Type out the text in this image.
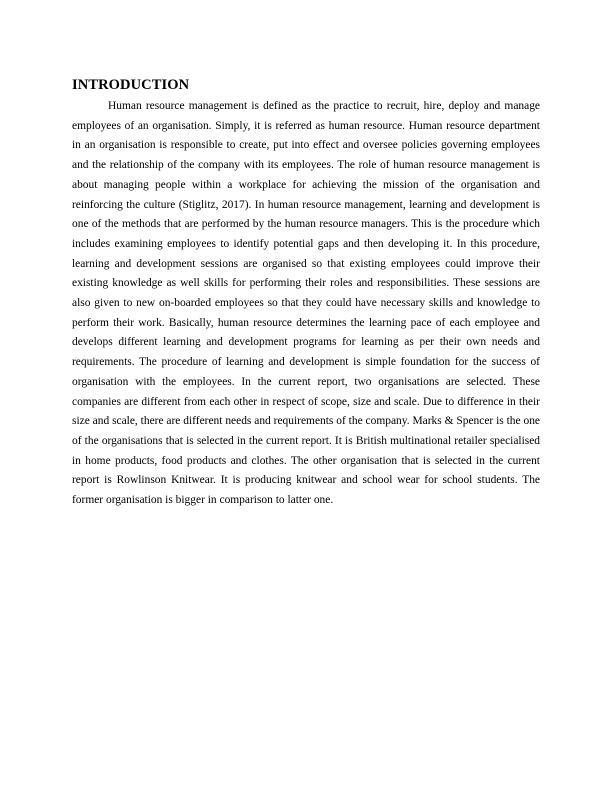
INTRODUCTION

Human resource management is defined as the practice to recruit, hire, deploy and manage employees of an organisation. Simply, it is referred as human resource. Human resource department in an organisation is responsible to create, put into effect and oversee policies governing employees and the relationship of the company with its employees. The role of human resource management is about managing people within a workplace for achieving the mission of the organisation and reinforcing the culture (Stiglitz, 2017). In human resource management, learning and development is one of the methods that are performed by the human resource managers. This is the procedure which includes examining employees to identify potential gaps and then developing it. In this procedure, learning and development sessions are organised so that existing employees could improve their existing knowledge as well skills for performing their roles and responsibilities. These sessions are also given to new on-boarded employees so that they could have necessary skills and knowledge to perform their work. Basically, human resource determines the learning pace of each employee and develops different learning and development programs for learning as per their own needs and requirements. The procedure of learning and development is simple foundation for the success of organisation with the employees. In the current report, two organisations are selected. These companies are different from each other in respect of scope, size and scale. Due to difference in their size and scale, there are different needs and requirements of the company. Marks & Spencer is the one of the organisations that is selected in the current report. It is British multinational retailer specialised in home products, food products and clothes. The other organisation that is selected in the current report is Rowlinson Knitwear. It is producing knitwear and school wear for school students. The former organisation is bigger in comparison to latter one.
